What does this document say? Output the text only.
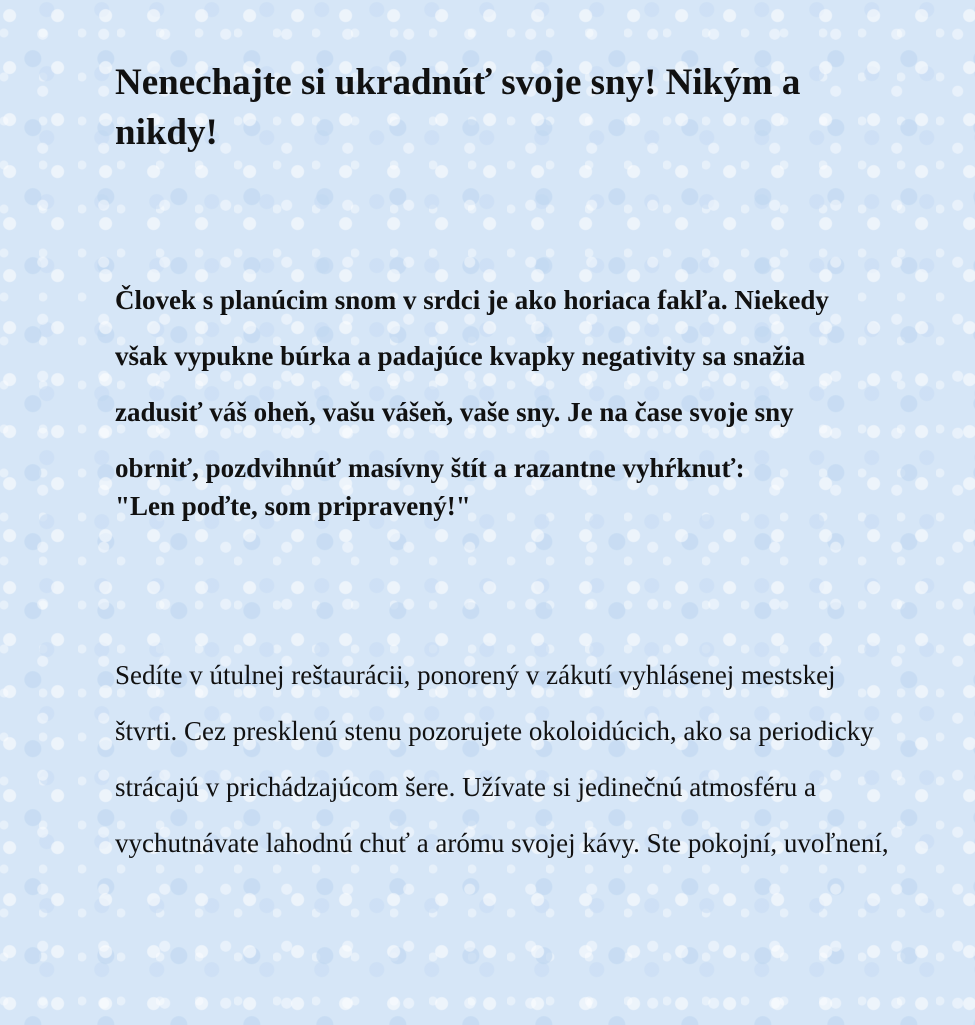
Nenechajte si ukradnúť svoje sny! Nikým a nikdy!

Človek s planúcim snom v srdci je ako horiaca fakľa. Niekedy však vypukne búrka a padajúce kvapky negativity sa snažia zadusiť váš oheň, vašu vášeň, vaše sny. Je na čase svoje sny obrniť, pozdvihnúť masívny štít a razantne vyhŕknuť:

"Len poďte, som pripravený!"

Sedíte v útulnej reštaurácii, ponorený v zákutí vyhlásenej mestskej štvrti. Cez presklenú stenu pozorujete okoloidúcich, ako sa periodicky strácajú v prichádzajúcom šere. Užívate si jedinečnú atmosféru a vychutnávate lahodnú chuť a arómu svojej kávy. Ste pokojní, uvoľnení,
